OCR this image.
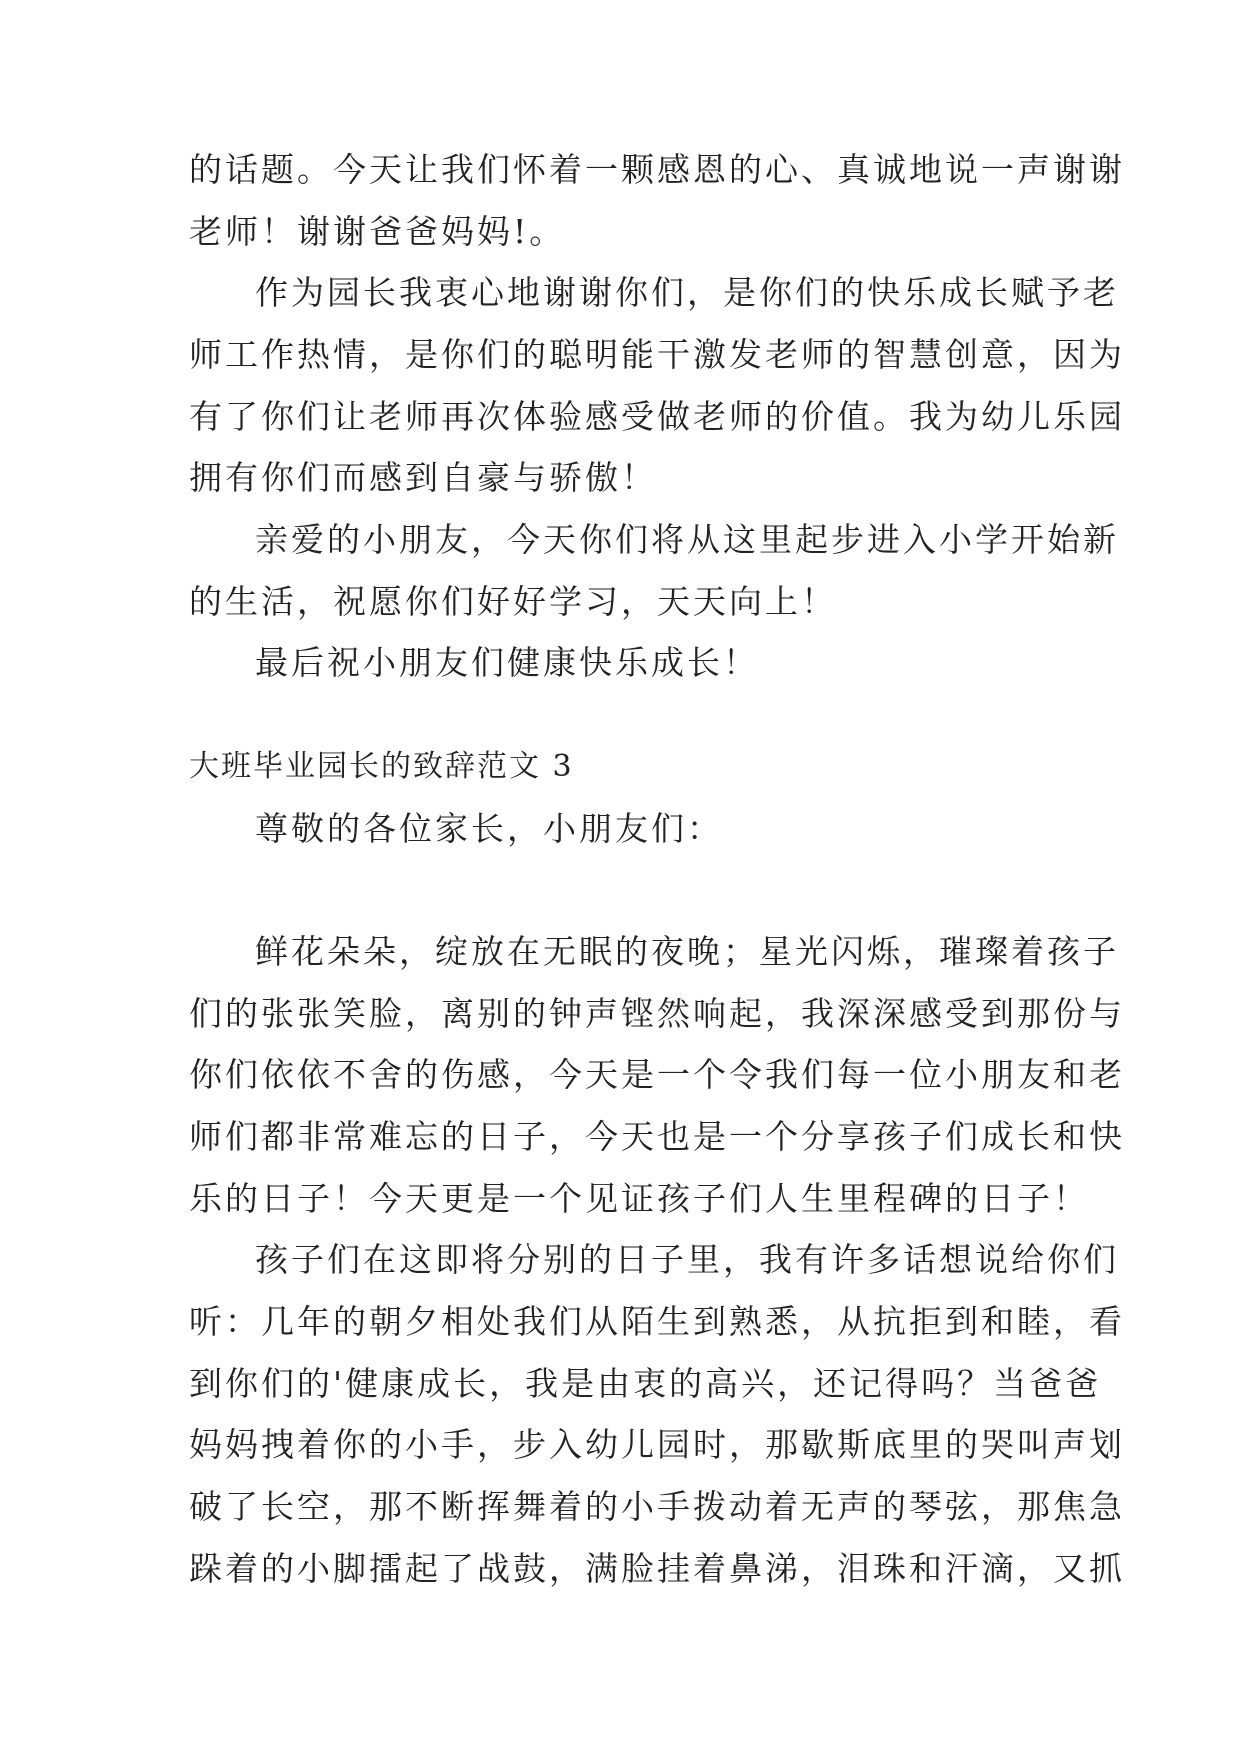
的话题。今天让我们怀着一颗感恩的心、真诚地说一声谢谢
老师！谢谢爸爸妈妈!。
作为园长我衷心地谢谢你们，是你们的快乐成长赋予老
师工作热情，是你们的聪明能干激发老师的智慧创意，因为
有了你们让老师再次体验感受做老师的价值。我为幼儿乐园
拥有你们而感到自豪与骄傲！
亲爱的小朋友，今天你们将从这里起步进入小学开始新
的生活，祝愿你们好好学习，天天向上！
最后祝小朋友们健康快乐成长！
大班毕业园长的致辞范文 3
尊敬的各位家长，小朋友们：
鲜花朵朵，绽放在无眠的夜晚；星光闪烁，璀璨着孩子
们的张张笑脸，离别的钟声铿然响起，我深深感受到那份与
你们依依不舍的伤感，今天是一个令我们每一位小朋友和老
师们都非常难忘的日子，今天也是一个分享孩子们成长和快
乐的日子！今天更是一个见证孩子们人生里程碑的日子！
孩子们在这即将分别的日子里，我有许多话想说给你们
听：几年的朝夕相处我们从陌生到熟悉，从抗拒到和睦，看
到你们的'健康成长，我是由衷的高兴，还记得吗？当爸爸
妈妈拽着你的小手，步入幼儿园时，那歇斯底里的哭叫声划
破了长空，那不断挥舞着的小手拨动着无声的琴弦，那焦急
跺着的小脚擂起了战鼓，满脸挂着鼻涕，泪珠和汗滴，又抓
